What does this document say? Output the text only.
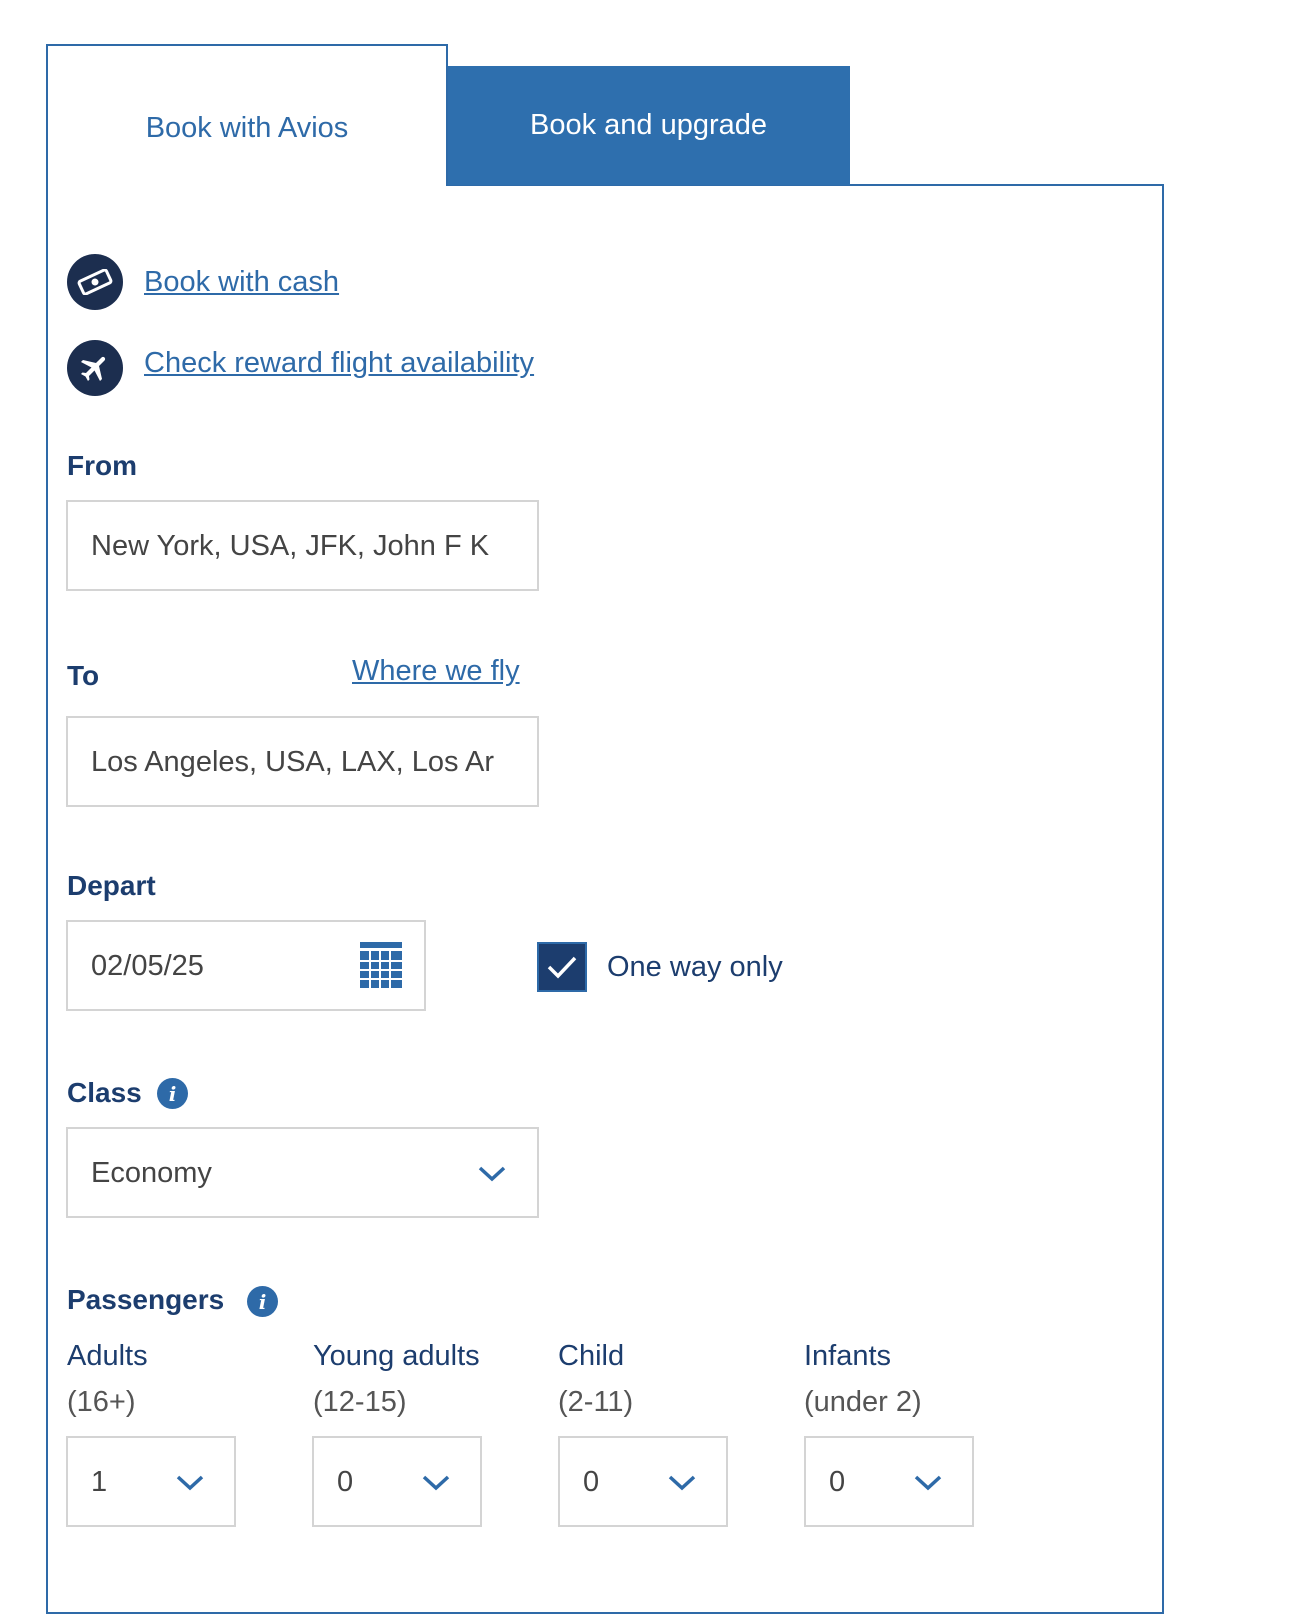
Book with Avios	Book and upgrade
Book with cash
Check reward flight availability
From
New York, USA, JFK, John F K
To	Where we fly
Los Angeles, USA, LAX, Los Ar
Depart
02/05/25	One way only
Class	i
Economy
Passengers	i
Adults
(16+)
1
Young adults
(12-15)
0
Child
(2-11)
0
Infants
(under 2)
0
